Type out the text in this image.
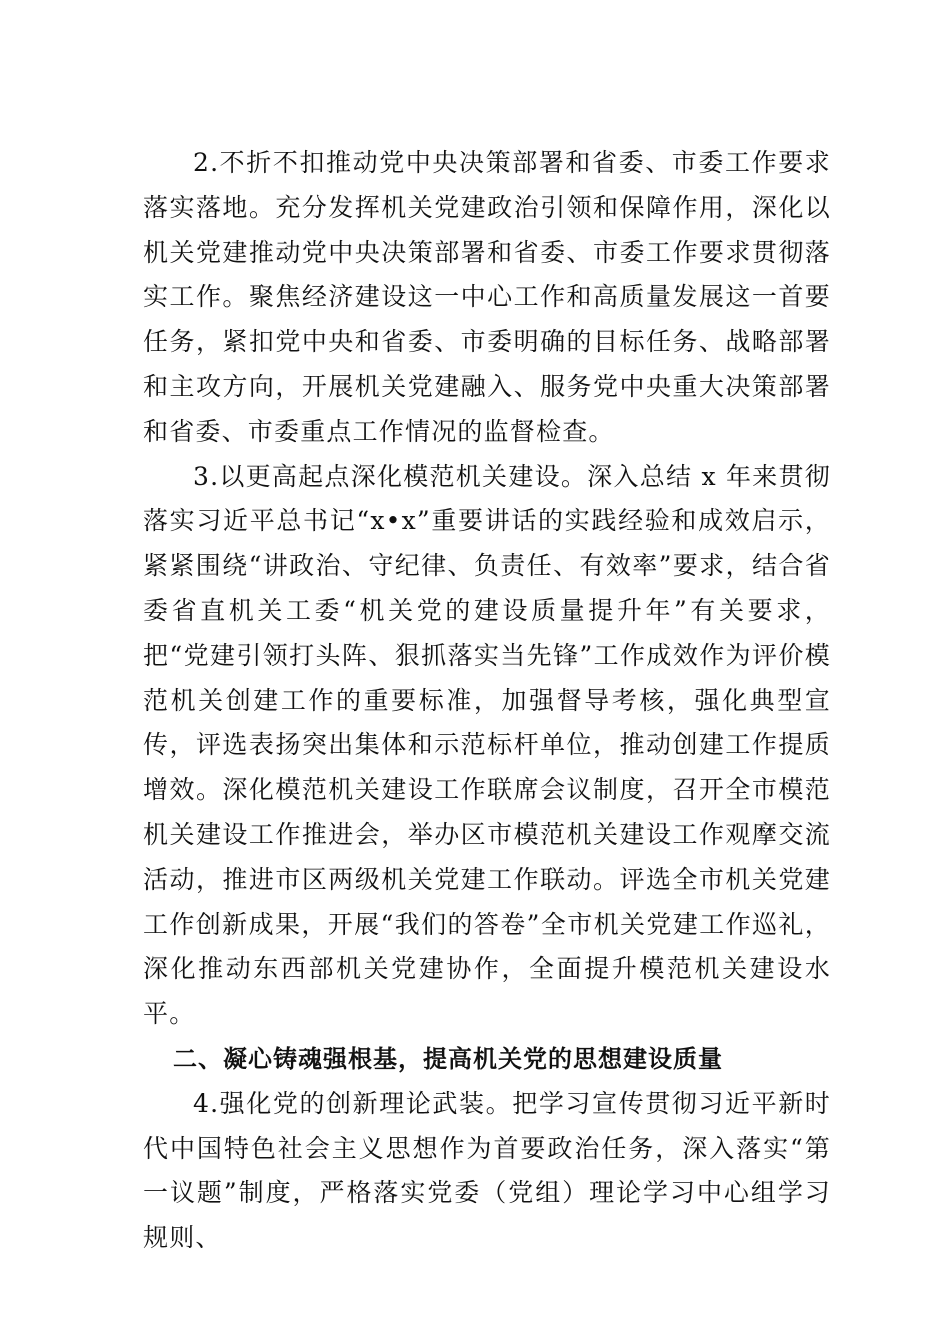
2.不折不扣推动党中央决策部署和省委、市委工作要求落实落地。充分发挥机关党建政治引领和保障作用，深化以机关党建推动党中央决策部署和省委、市委工作要求贯彻落实工作。聚焦经济建设这一中心工作和高质量发展这一首要任务，紧扣党中央和省委、市委明确的目标任务、战略部署和主攻方向，开展机关党建融入、服务党中央重大决策部署和省委、市委重点工作情况的监督检查。

3.以更高起点深化模范机关建设。深入总结 x 年来贯彻落实习近平总书记“x•x”重要讲话的实践经验和成效启示，紧紧围绕“讲政治、守纪律、负责任、有效率”要求，结合省委省直机关工委“机关党的建设质量提升年”有关要求，把“党建引领打头阵、狠抓落实当先锋”工作成效作为评价模范机关创建工作的重要标准，加强督导考核，强化典型宣传，评选表扬突出集体和示范标杆单位，推动创建工作提质增效。深化模范机关建设工作联席会议制度，召开全市模范机关建设工作推进会，举办区市模范机关建设工作观摩交流活动，推进市区两级机关党建工作联动。评选全市机关党建工作创新成果，开展“我们的答卷”全市机关党建工作巡礼，深化推动东西部机关党建协作，全面提升模范机关建设水平。

二、凝心铸魂强根基，提高机关党的思想建设质量

4.强化党的创新理论武装。把学习宣传贯彻习近平新时代中国特色社会主义思想作为首要政治任务，深入落实“第一议题”制度，严格落实党委（党组）理论学习中心组学习规则、
